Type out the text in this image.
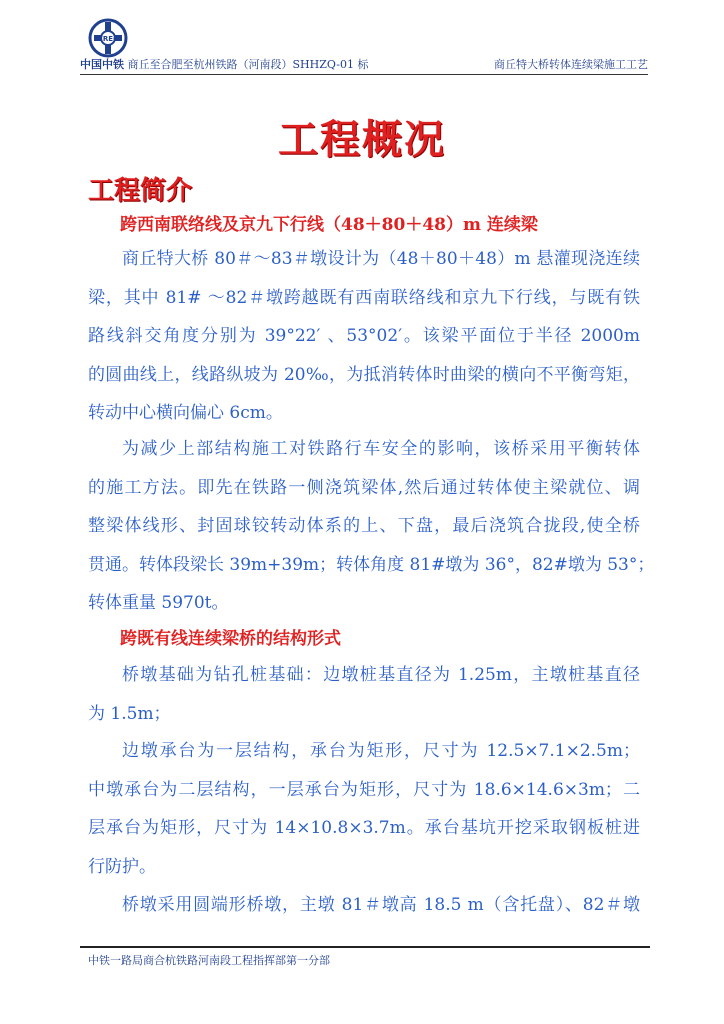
CREC
中国中铁 商丘至合肥至杭州铁路（河南段）SHHZQ-01 标	商丘特大桥转体连续梁施工工艺
工程概况
工程简介
跨西南联络线及京九下行线（48＋80＋48）m 连续梁
商丘特大桥 80＃～83＃墩设计为（48＋80＋48）m 悬灌现浇连续
梁，其中 81# ～82＃墩跨越既有西南联络线和京九下行线，与既有铁
路线斜交角度分别为 39°22′ 、53°02′。该梁平面位于半径 2000m
的圆曲线上，线路纵坡为 20‰，为抵消转体时曲梁的横向不平衡弯矩，
转动中心横向偏心 6cm。
为减少上部结构施工对铁路行车安全的影响，该桥采用平衡转体
的施工方法。即先在铁路一侧浇筑梁体,然后通过转体使主梁就位、调
整梁体线形、封固球铰转动体系的上、下盘，最后浇筑合拢段,使全桥
贯通。转体段梁长 39m+39m；转体角度 81#墩为 36°，82#墩为 53°；
转体重量 5970t。
跨既有线连续梁桥的结构形式
桥墩基础为钻孔桩基础：边墩桩基直径为 1.25m，主墩桩基直径
为 1.5m；
边墩承台为一层结构，承台为矩形，尺寸为 12.5×7.1×2.5m；
中墩承台为二层结构，一层承台为矩形，尺寸为 18.6×14.6×3m；二
层承台为矩形，尺寸为 14×10.8×3.7m。承台基坑开挖采取钢板桩进
行防护。
桥墩采用圆端形桥墩，主墩 81＃墩高 18.5 m（含托盘）、82＃墩
中铁一路局商合杭铁路河南段工程指挥部第一分部
